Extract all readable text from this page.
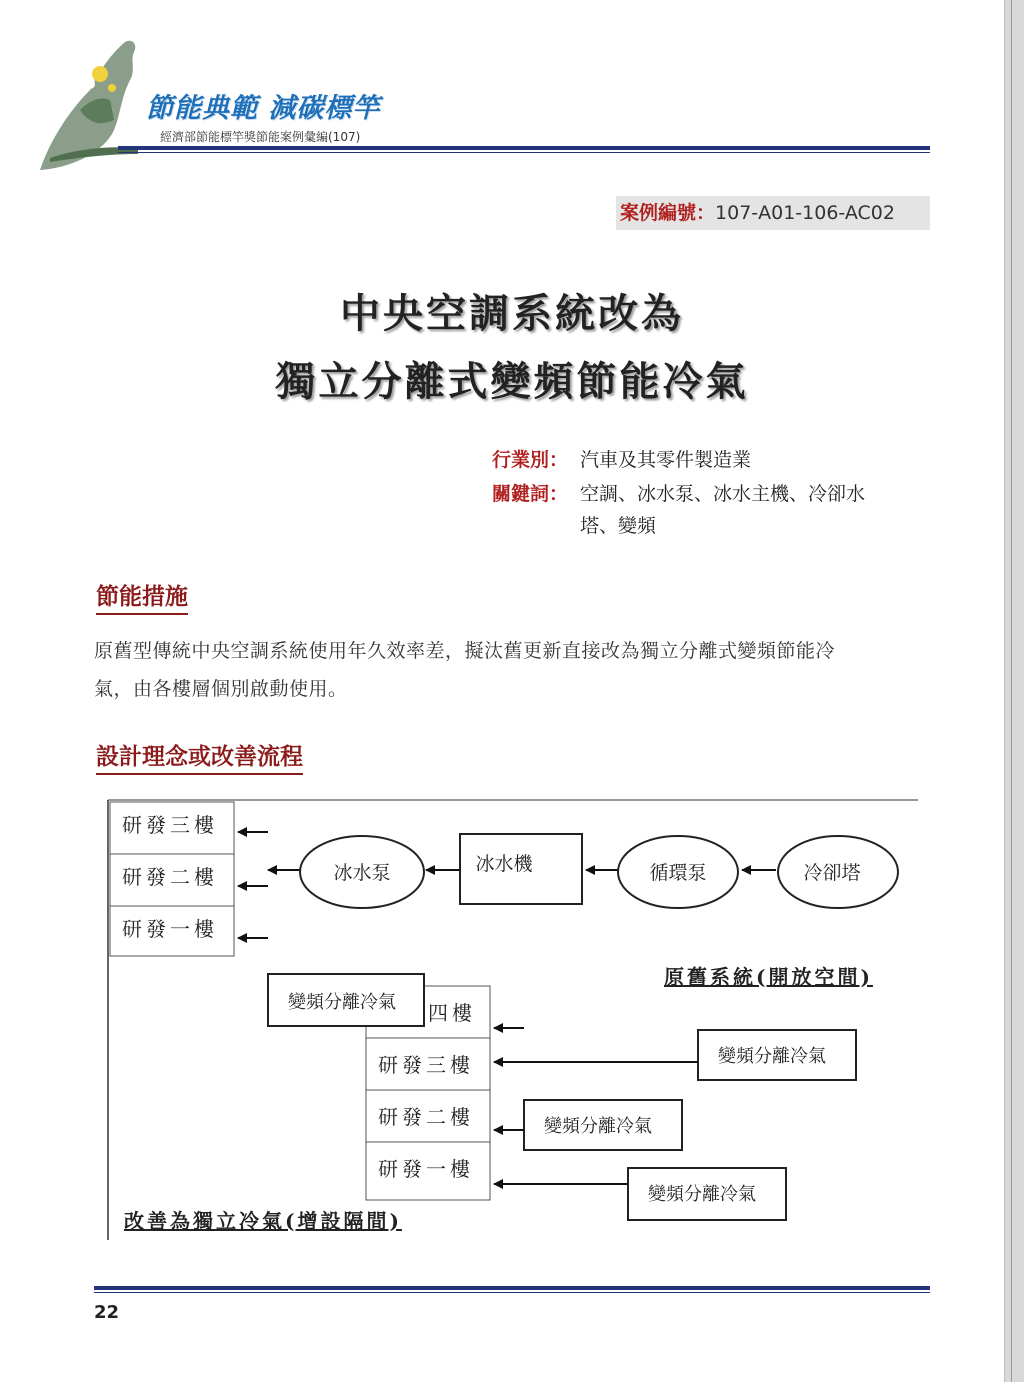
節能典範 減碳標竿
經濟部節能標竿獎節能案例彙編(107)
案例編號：107-A01-106-AC02
中央空調系統改為
獨立分離式變頻節能冷氣
行業別： 汽車及其零件製造業
關鍵詞： 空調、冰水泵、冰水主機、冷卻水
塔、變頻
節能措施
原舊型傳統中央空調系統使用年久效率差，擬汰舊更新直接改為獨立分離式變頻節能冷
氣，由各樓層個別啟動使用。
設計理念或改善流程
研發三樓
研發二樓
研發一樓
冰水泵	冰水機	循環泵	冷卻塔
原舊系統(開放空間)
四樓
研發三樓
研發二樓
研發一樓
變頻分離冷氣
變頻分離冷氣
變頻分離冷氣
變頻分離冷氣
改善為獨立冷氣(增設隔間)
22
